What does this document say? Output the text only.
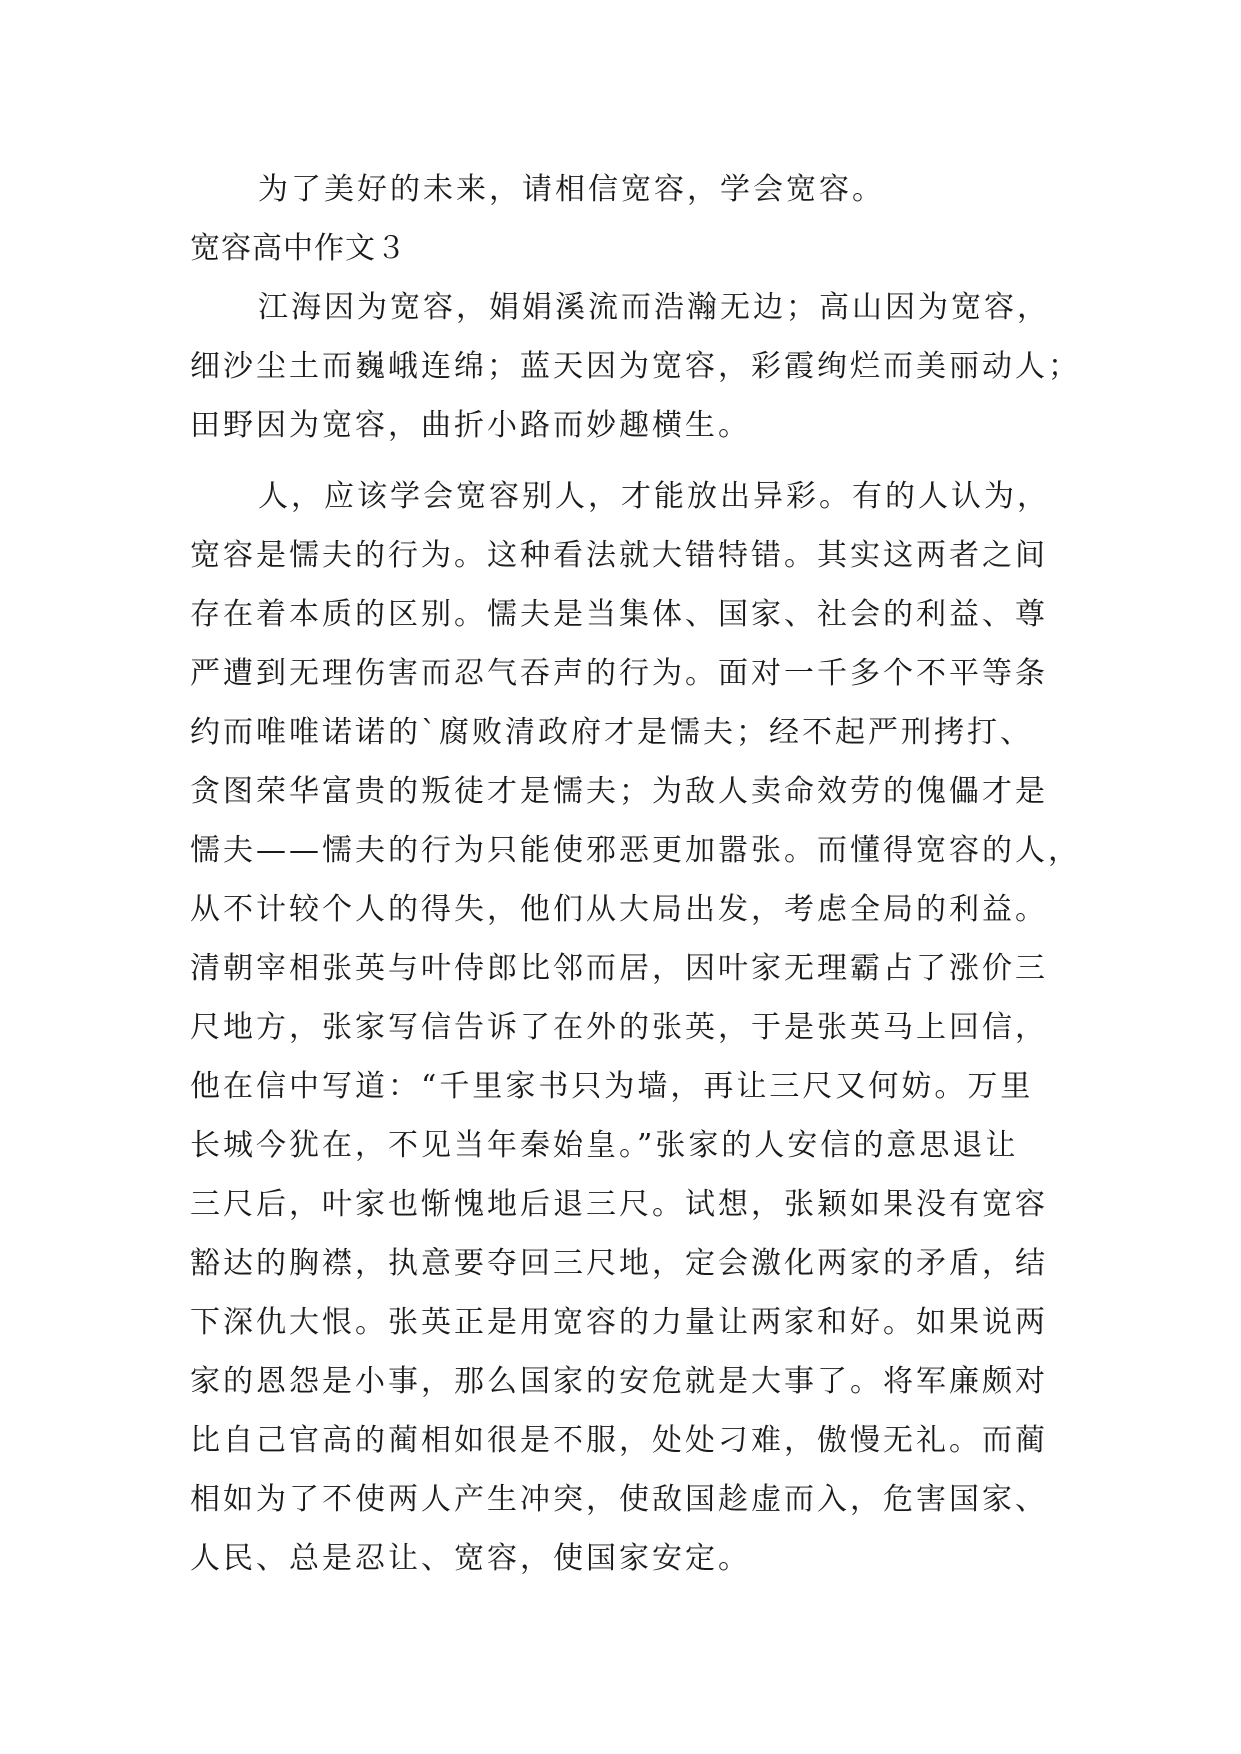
为了美好的未来，请相信宽容，学会宽容。
宽容高中作文３
江海因为宽容，娟娟溪流而浩瀚无边；高山因为宽容，
细沙尘土而巍峨连绵；蓝天因为宽容，彩霞绚烂而美丽动人；
田野因为宽容，曲折小路而妙趣横生。
人，应该学会宽容别人，才能放出异彩。有的人认为，
宽容是懦夫的行为。这种看法就大错特错。其实这两者之间
存在着本质的区别。懦夫是当集体、国家、社会的利益、尊
严遭到无理伤害而忍气吞声的行为。面对一千多个不平等条
约而唯唯诺诺的`腐败清政府才是懦夫；经不起严刑拷打、
贪图荣华富贵的叛徒才是懦夫；为敌人卖命效劳的傀儡才是
懦夫——懦夫的行为只能使邪恶更加嚣张。而懂得宽容的人，
从不计较个人的得失，他们从大局出发，考虑全局的利益。
清朝宰相张英与叶侍郎比邻而居，因叶家无理霸占了涨价三
尺地方，张家写信告诉了在外的张英，于是张英马上回信，
他在信中写道：“千里家书只为墙，再让三尺又何妨。万里
长城今犹在，不见当年秦始皇。”张家的人安信的意思退让
三尺后，叶家也惭愧地后退三尺。试想，张颖如果没有宽容
豁达的胸襟，执意要夺回三尺地，定会激化两家的矛盾，结
下深仇大恨。张英正是用宽容的力量让两家和好。如果说两
家的恩怨是小事，那么国家的安危就是大事了。将军廉颇对
比自己官高的蔺相如很是不服，处处刁难，傲慢无礼。而蔺
相如为了不使两人产生冲突，使敌国趁虚而入，危害国家、
人民、总是忍让、宽容，使国家安定。
